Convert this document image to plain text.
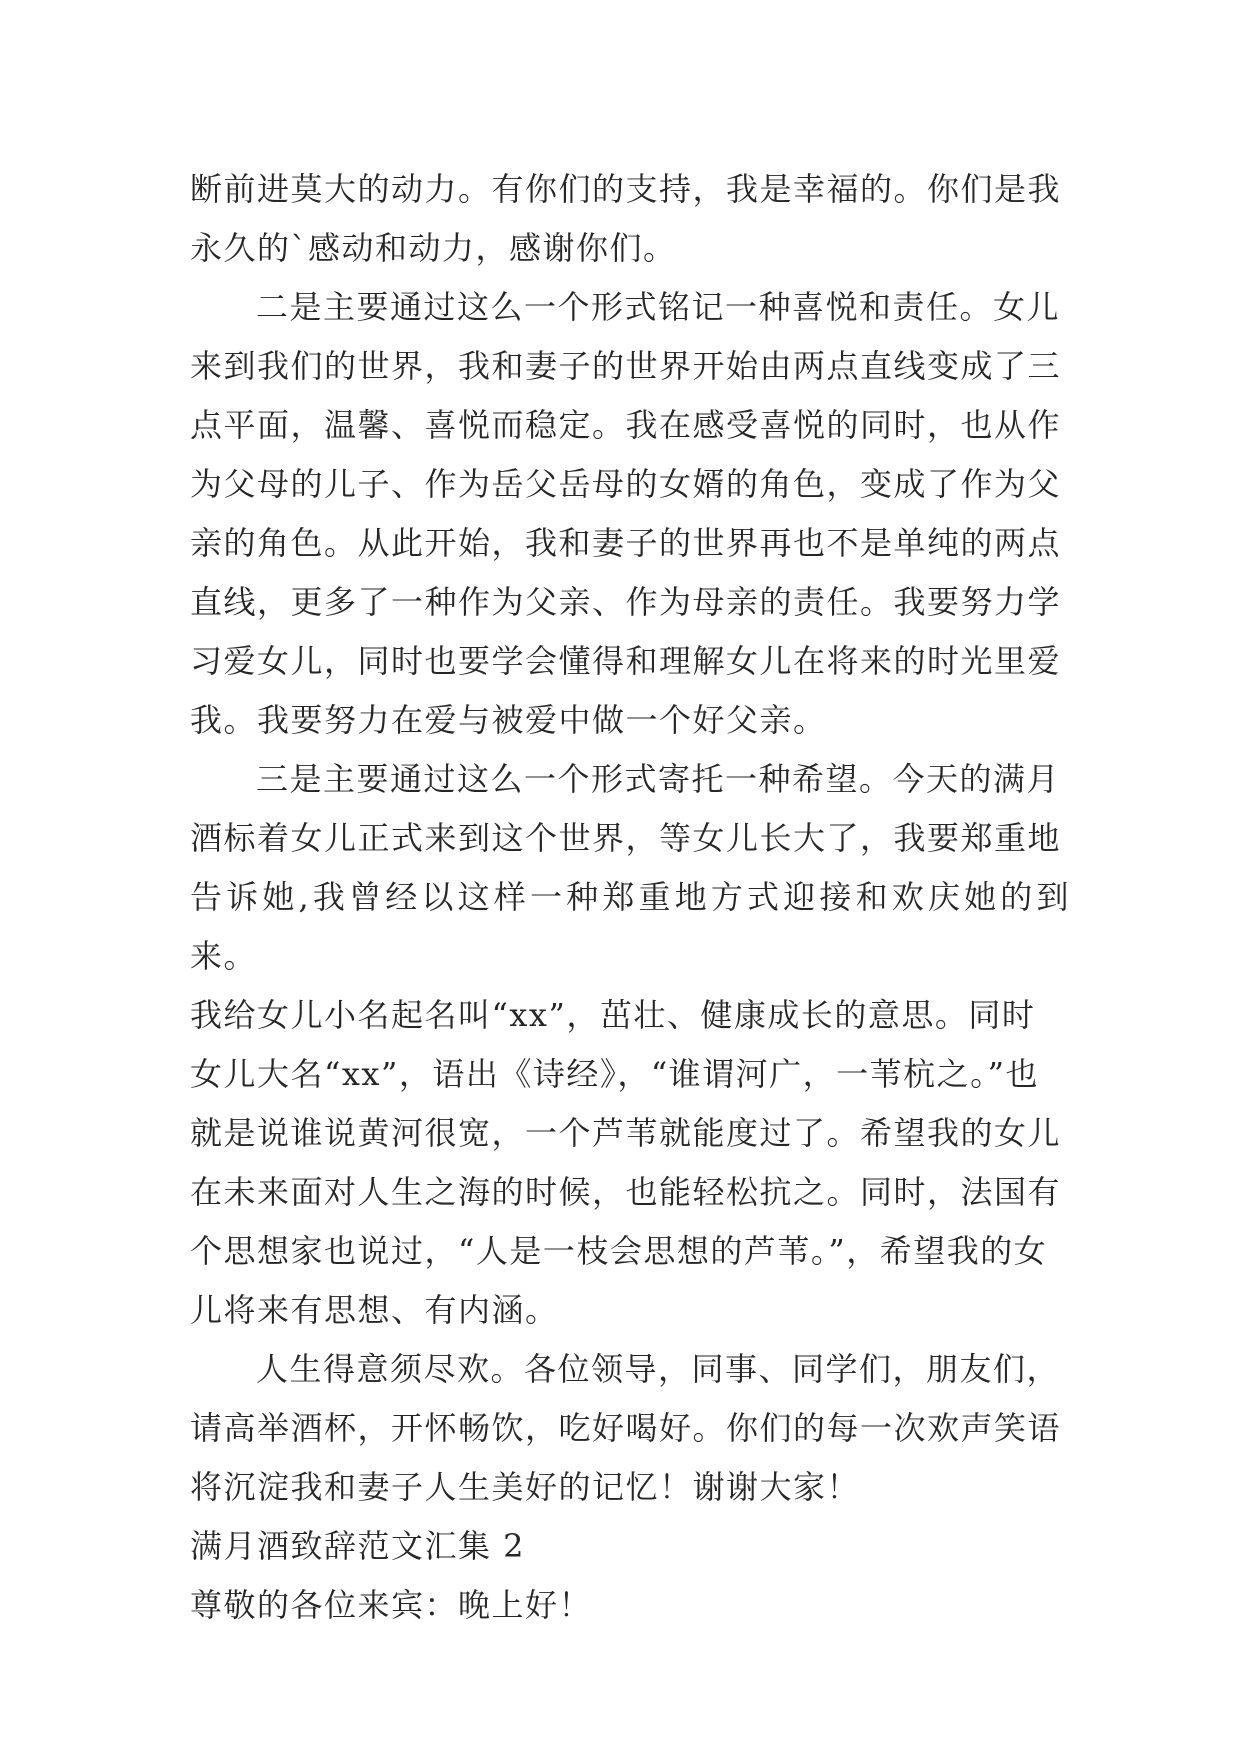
断前进莫大的动力。有你们的支持，我是幸福的。你们是我
永久的`感动和动力，感谢你们。

二是主要通过这么一个形式铭记一种喜悦和责任。女儿
来到我们的世界，我和妻子的世界开始由两点直线变成了三
点平面，温馨、喜悦而稳定。我在感受喜悦的同时，也从作
为父母的儿子、作为岳父岳母的女婿的角色，变成了作为父
亲的角色。从此开始，我和妻子的世界再也不是单纯的两点
直线，更多了一种作为父亲、作为母亲的责任。我要努力学
习爱女儿，同时也要学会懂得和理解女儿在将来的时光里爱
我。我要努力在爱与被爱中做一个好父亲。

三是主要通过这么一个形式寄托一种希望。今天的满月
酒标着女儿正式来到这个世界，等女儿长大了，我要郑重地
告诉她,我曾经以这样一种郑重地方式迎接和欢庆她的到来。
我给女儿小名起名叫“xx”，茁壮、健康成长的意思。同时
女儿大名“xx”，语出《诗经》，“谁谓河广，一苇杭之。”也
就是说谁说黄河很宽，一个芦苇就能度过了。希望我的女儿
在未来面对人生之海的时候，也能轻松抗之。同时，法国有
个思想家也说过，“人是一枝会思想的芦苇。”，希望我的女
儿将来有思想、有内涵。

人生得意须尽欢。各位领导，同事、同学们，朋友们，
请高举酒杯，开怀畅饮，吃好喝好。你们的每一次欢声笑语
将沉淀我和妻子人生美好的记忆！谢谢大家！

满月酒致辞范文汇集 2

尊敬的各位来宾：晚上好！
